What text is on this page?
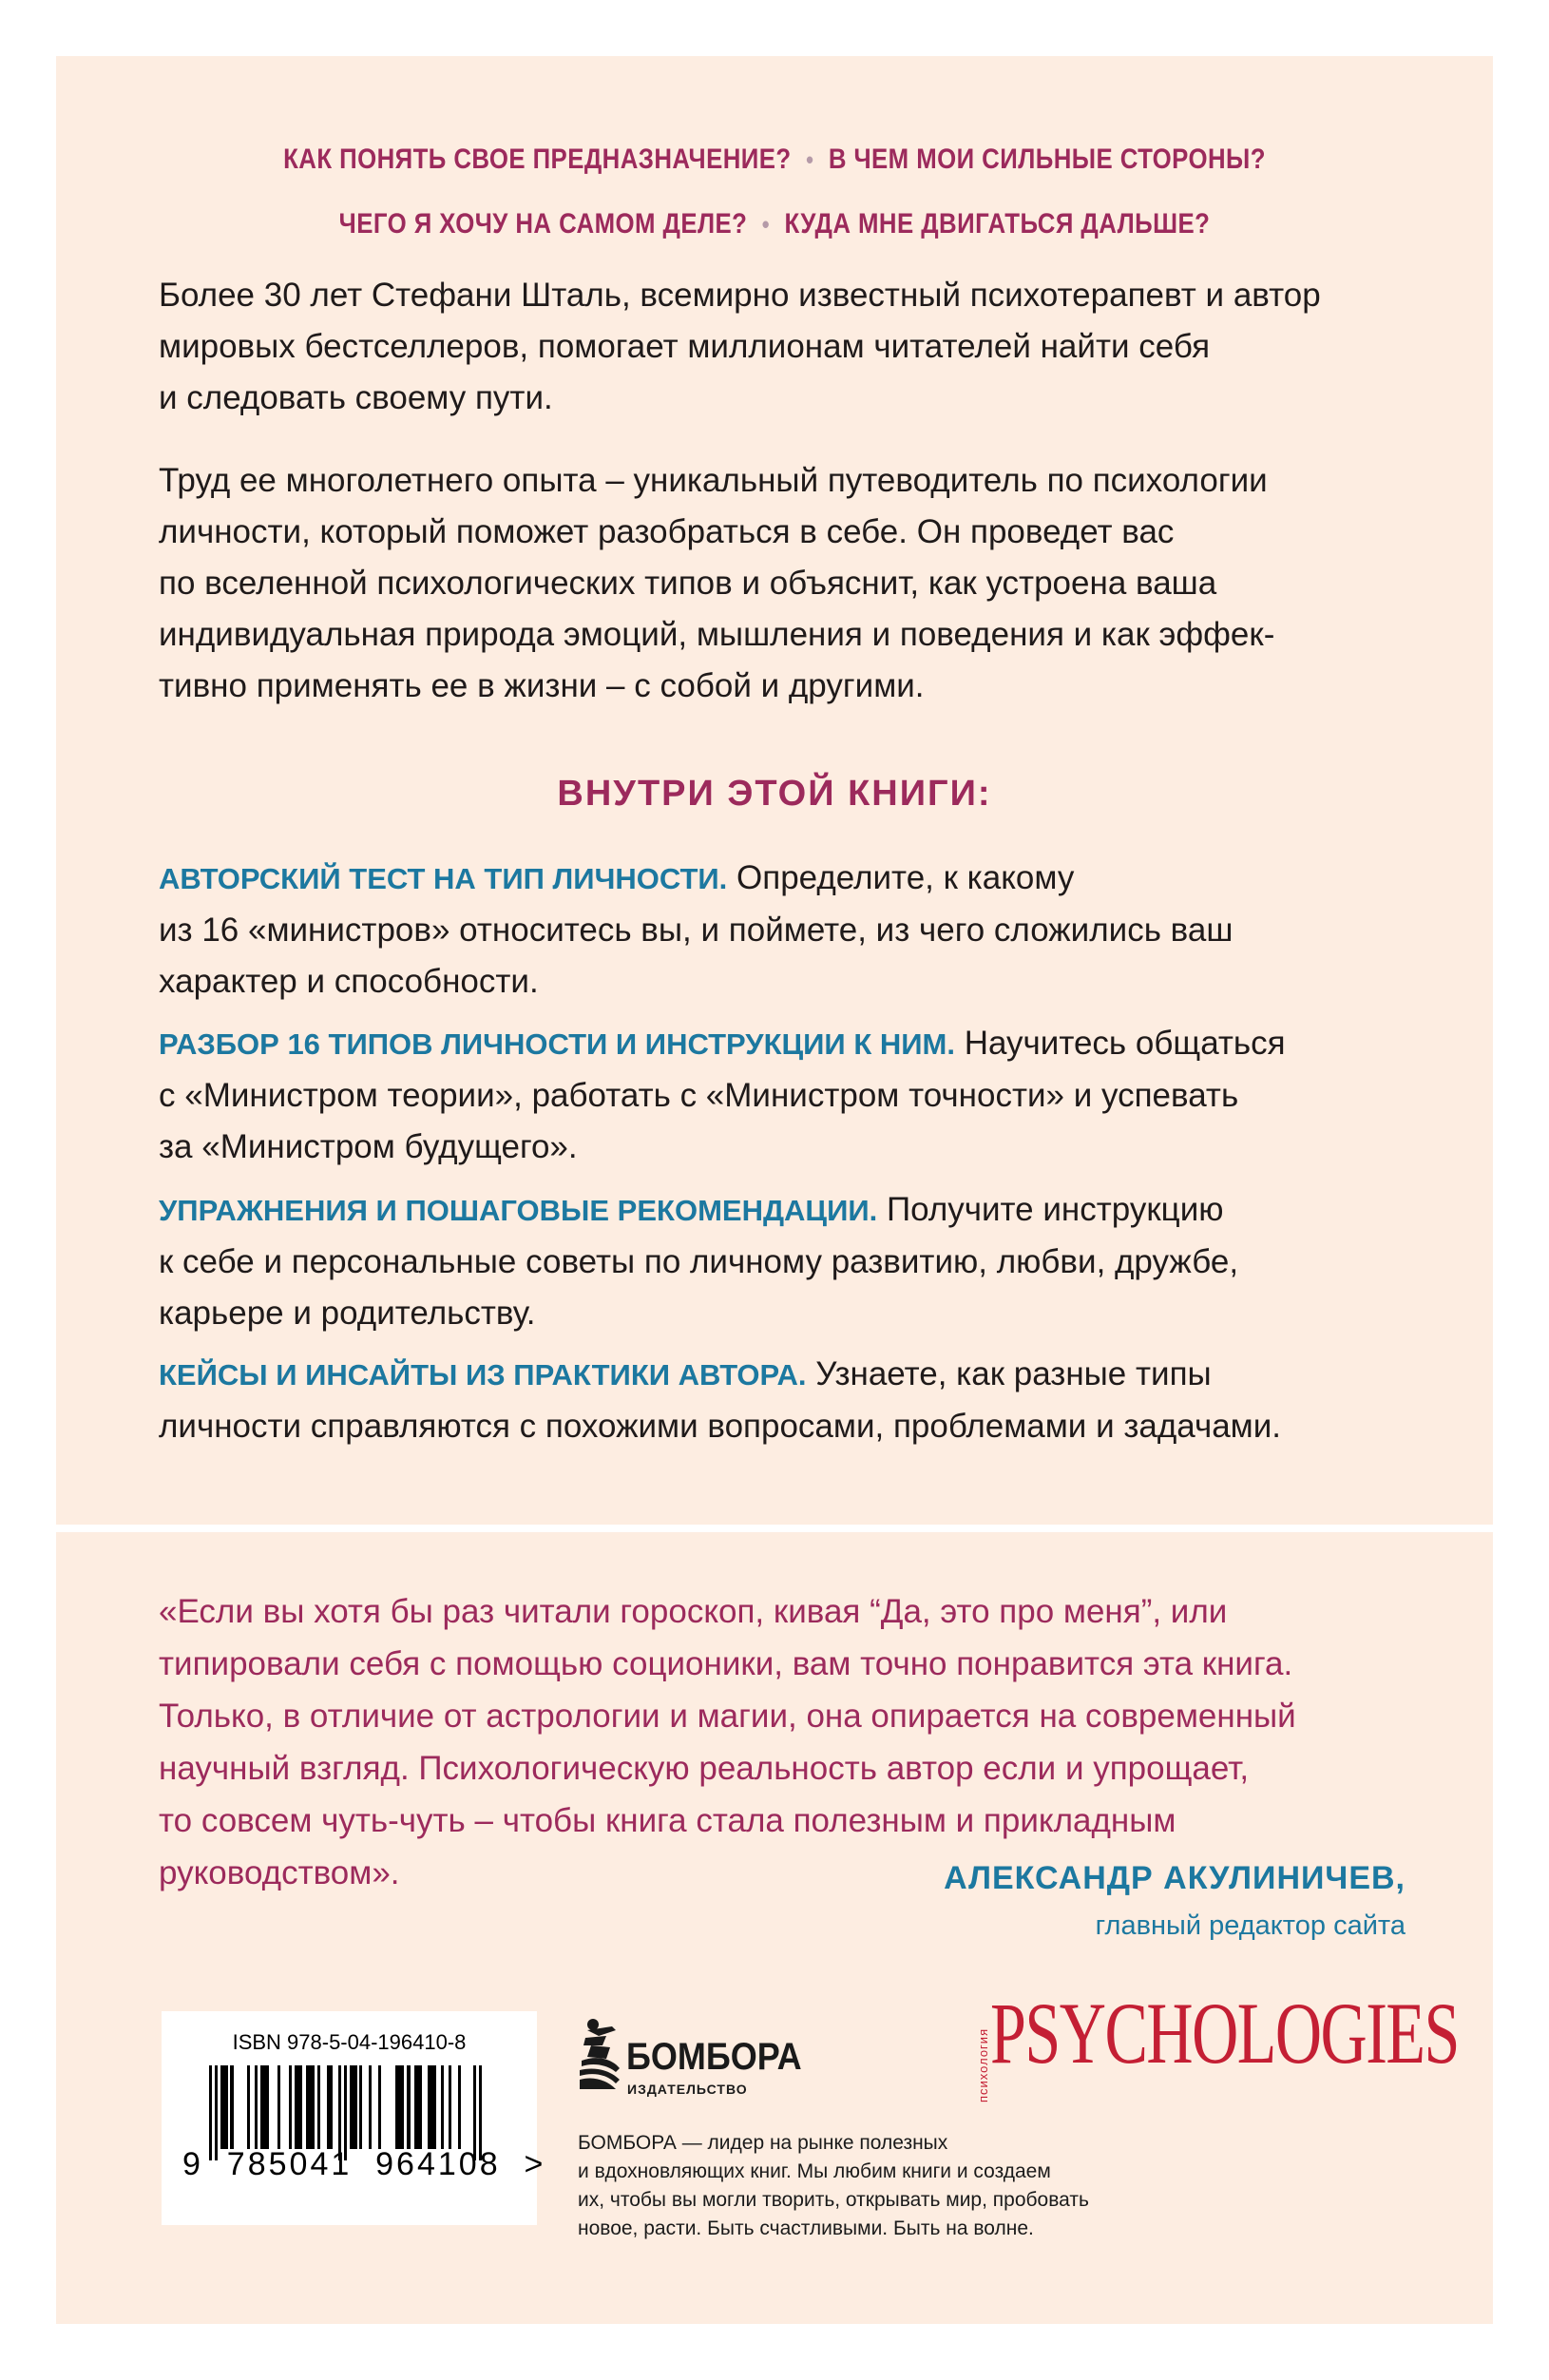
КАК ПОНЯТЬ СВОЕ ПРЕДНАЗНАЧЕНИЕ? • В ЧЕМ МОИ СИЛЬНЫЕ СТОРОНЫ?
ЧЕГО Я ХОЧУ НА САМОМ ДЕЛЕ? • КУДА МНЕ ДВИГАТЬСЯ ДАЛЬШЕ?

Более 30 лет Стефани Шталь, всемирно известный психотерапевт и автор

мировых бестселлеров, помогает миллионам читателей найти себя

и следовать своему пути.

Труд ее многолетнего опыта – уникальный путеводитель по психологии

личности, который поможет разобраться в себе. Он проведет вас

по вселенной психологических типов и объяснит, как устроена ваша

индивидуальная природа эмоций, мышления и поведения и как эффек-

тивно применять ее в жизни – с собой и другими.

ВНУТРИ ЭТОЙ КНИГИ:

АВТОРСКИЙ ТЕСТ НА ТИП ЛИЧНОСТИ. Определите, к какому

из 16 «министров» относитесь вы, и поймете, из чего сложились ваш

характер и способности.

РАЗБОР 16 ТИПОВ ЛИЧНОСТИ И ИНСТРУКЦИИ К НИМ. Научитесь общаться

с «Министром теории», работать с «Министром точности» и успевать

за «Министром будущего».

УПРАЖНЕНИЯ И ПОШАГОВЫЕ РЕКОМЕНДАЦИИ. Получите инструкцию

к себе и персональные советы по личному развитию, любви, дружбе,

карьере и родительству.

КЕЙСЫ И ИНСАЙТЫ ИЗ ПРАКТИКИ АВТОРА. Узнаете, как разные типы

личности справляются с похожими вопросами, проблемами и задачами.

«Если вы хотя бы раз читали гороскоп, кивая “Да, это про меня”, или
типировали себя с помощью соционики, вам точно понравится эта книга.
Только, в отличие от астрологии и магии, она опирается на современный
научный взгляд. Психологическую реальность автор если и упрощает,
то совсем чуть-чуть – чтобы книга стала полезным и прикладным
руководством».	АЛЕКСАНДР АКУЛИНИЧЕВ,
главный редактор сайта
психология PSYCHOLOGIES
ISBN 978-5-04-196410-8
9  785041  964108  >
БОМБОРА
ИЗДАТЕЛЬСТВО
БОМБОРА — лидер на рынке полезных
и вдохновляющих книг. Мы любим книги и создаем
их, чтобы вы могли творить, открывать мир, пробовать
новое, расти. Быть счастливыми. Быть на волне.
